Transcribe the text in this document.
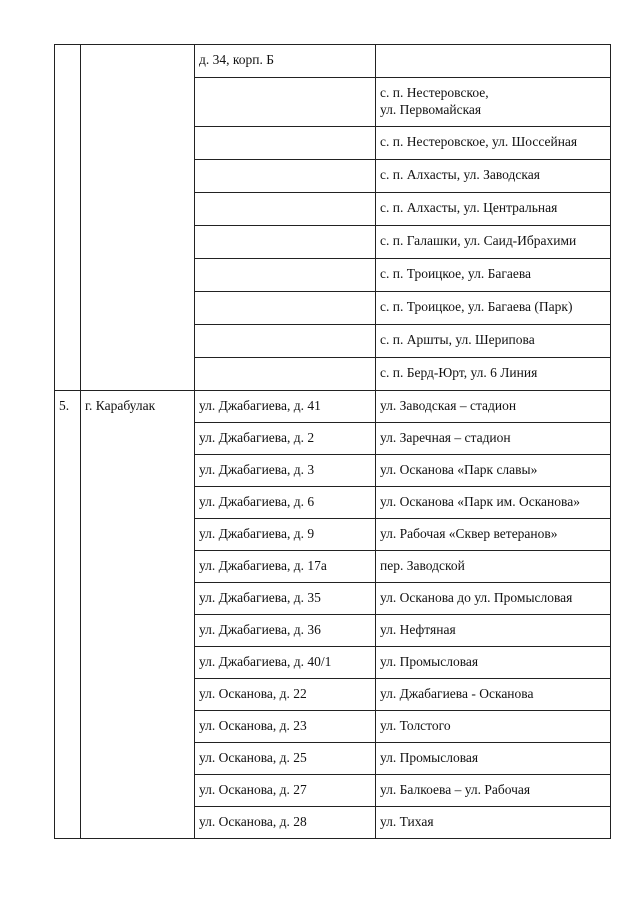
		д. 34, корп. Б	

			с. п. Нестеровское,
ул. Первомайская

			с. п. Нестеровское, ул. Шоссейная

			с. п. Алхасты, ул. Заводская

			с. п. Алхасты, ул. Центральная

			с. п. Галашки, ул. Саид-Ибрахими

			с. п. Троицкое, ул. Багаева

			с. п. Троицкое, ул. Багаева (Парк)

			с. п. Аршты, ул. Шерипова

			с. п. Берд-Юрт, ул. 6 Линия

5.	г. Карабулак	ул. Джабагиева, д. 41	ул. Заводская – стадион

		ул. Джабагиева, д. 2	ул. Заречная – стадион

		ул. Джабагиева, д. 3	ул. Осканова «Парк славы»

		ул. Джабагиева, д. 6	ул. Осканова «Парк им. Осканова»

		ул. Джабагиева, д. 9	ул. Рабочая «Сквер ветеранов»

		ул. Джабагиева, д. 17а	пер. Заводской

		ул. Джабагиева, д. 35	ул. Осканова до ул. Промысловая

		ул. Джабагиева, д. 36	ул. Нефтяная

		ул. Джабагиева, д. 40/1	ул. Промысловая

		ул. Осканова, д. 22	ул. Джабагиева - Осканова

		ул. Осканова, д. 23	ул. Толстого

		ул. Осканова, д. 25	ул. Промысловая

		ул. Осканова, д. 27	ул. Балкоева – ул. Рабочая

		ул. Осканова, д. 28	ул. Тихая
